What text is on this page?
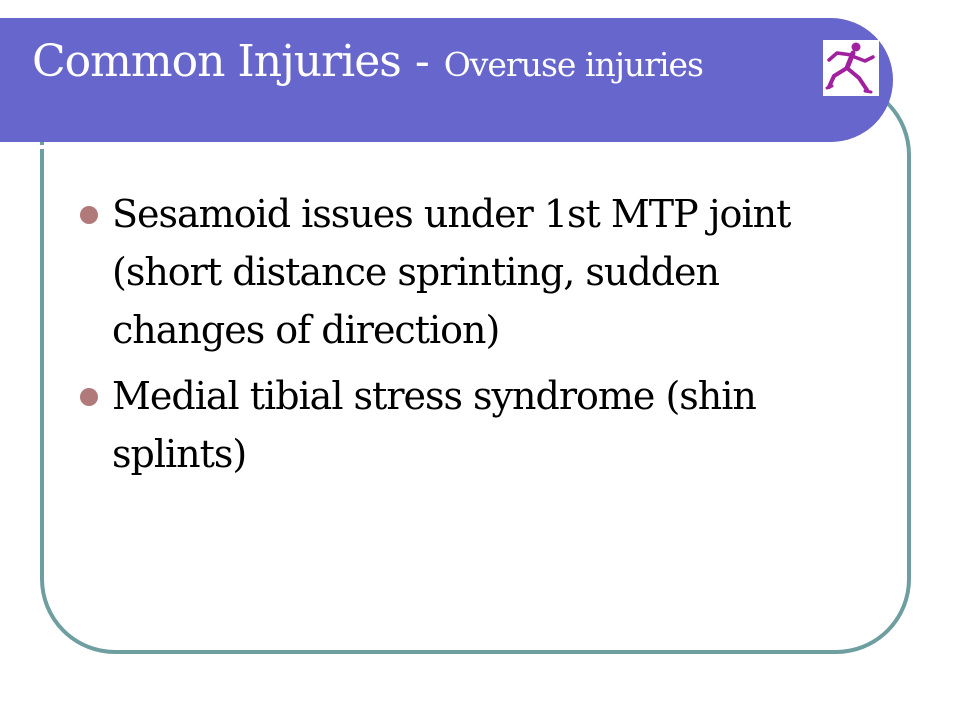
Common Injuries - Overuse injuries
Sesamoid issues under 1st MTP joint (short distance sprinting, sudden changes of direction)
Medial tibial stress syndrome (shin splints)
